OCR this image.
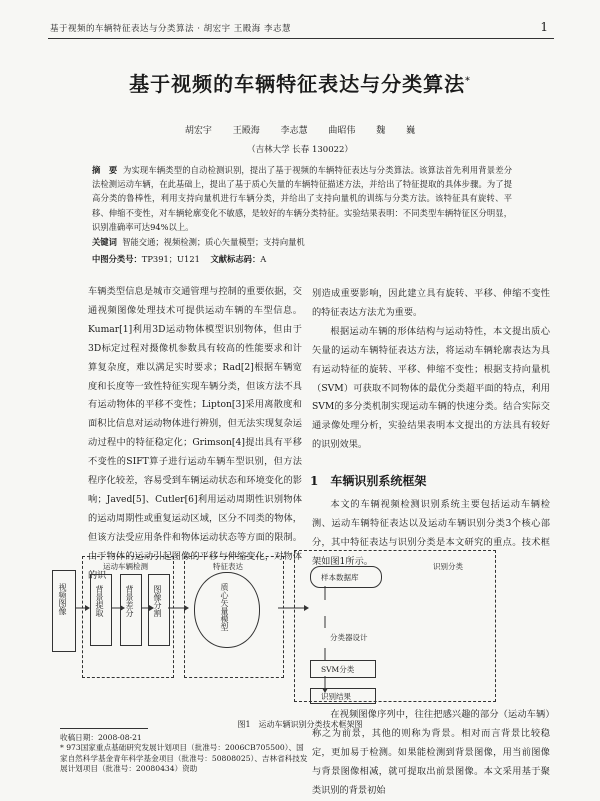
基于视频的车辆特征表达与分类算法 · 胡宏宇 王殿海 李志慧	1
基于视频的车辆特征表达与分类算法*
胡宏宇 王殿海 李志慧 曲昭伟 魏 巍
（吉林大学 长春 130022）
摘　要 为实现车辆类型的自动检测识别，提出了基于视频的车辆特征表达与分类算法。该算法首先利用背景差分法检测运动车辆，在此基础上，提出了基于质心矢量的车辆特征描述方法，并给出了特征提取的具体步骤。为了提高分类的鲁棒性，利用支持向量机进行车辆分类，并给出了支持向量机的训练与分类方法。该特征具有旋转、平移、伸缩不变性，对车辆轮廓变化不敏感，是较好的车辆分类特征。实验结果表明：不同类型车辆特征区分明显，识别准确率可达94%以上。
关键词 智能交通；视频检测；质心矢量模型；支持向量机
中图分类号：TP391；U121 文献标志码：A
车辆类型信息是城市交通管理与控制的重要依据，交通视频图像处理技术可提供运动车辆的车型信息。Kumar[1]利用3D运动物体模型识别物体，但由于3D标定过程对摄像机参数具有较高的性能要求和计算复杂度，难以满足实时要求；Rad[2]根据车辆宽度和长度等一致性特征实现车辆分类，但该方法不具有运动物体的平移不变性；Lipton[3]采用离散度和面积比信息对运动物体进行辨别，但无法实现复杂运动过程中的特征稳定化；Grimson[4]提出具有平移不变性的SIFT算子进行运动车辆车型识别，但方法程序化较差，容易受到车辆运动状态和环境变化的影响；Javed[5]、Cutler[6]利用运动周期性识别物体的运动周期性或重复运动区域，区分不同类的物体，但该方法受应用条件和物体运动状态等方面的限制。由于物体的运动引起图像的平移与伸缩变化，对物体的识
别造成重要影响，因此建立具有旋转、平移、伸缩不变性的特征表达方法尤为重要。
根据运动车辆的形体结构与运动特性，本文提出质心矢量的运动车辆特征表达方法，将运动车辆轮廓表达为具有运动特征的旋转、平移、伸缩不变性；根据支持向量机（SVM）可获取不同物体的最优分类超平面的特点，利用SVM的多分类机制实现运动车辆的快速分类。结合实际交通录像处理分析，实验结果表明本文提出的方法具有较好的识别效果。
1　车辆识别系统框架
本文的车辆视频检测识别系统主要包括运动车辆检测、运动车辆特征表达以及运动车辆识别分类3个核心部分，其中特征表达与识别分类是本文研究的重点。技术框架如图1所示。
视频图像
运动车辆检测
背景提取	背景差分 图像分割
特征表达
质心矢量模型
识别分类
样本数据库
分类器设计
SVM分类
识别结果
图1　运动车辆识别分类技术框架图
收稿日期：2008-08-21
* 973国家重点基础研究发展计划项目（批准号：2006CB705500）、国家自然科学基金青年科学基金项目（批准号：50808025）、吉林省科技发展计划项目（批准号：20080434）资助
在视频图像序列中，往往把感兴趣的部分（运动车辆）称之为前景，其他的则称为背景。相对而言背景比较稳定，更加易于检测。如果能检测到背景图像，用当前图像与背景图像相减，就可提取出前景图像。本文采用基于聚类识别的背景初始
